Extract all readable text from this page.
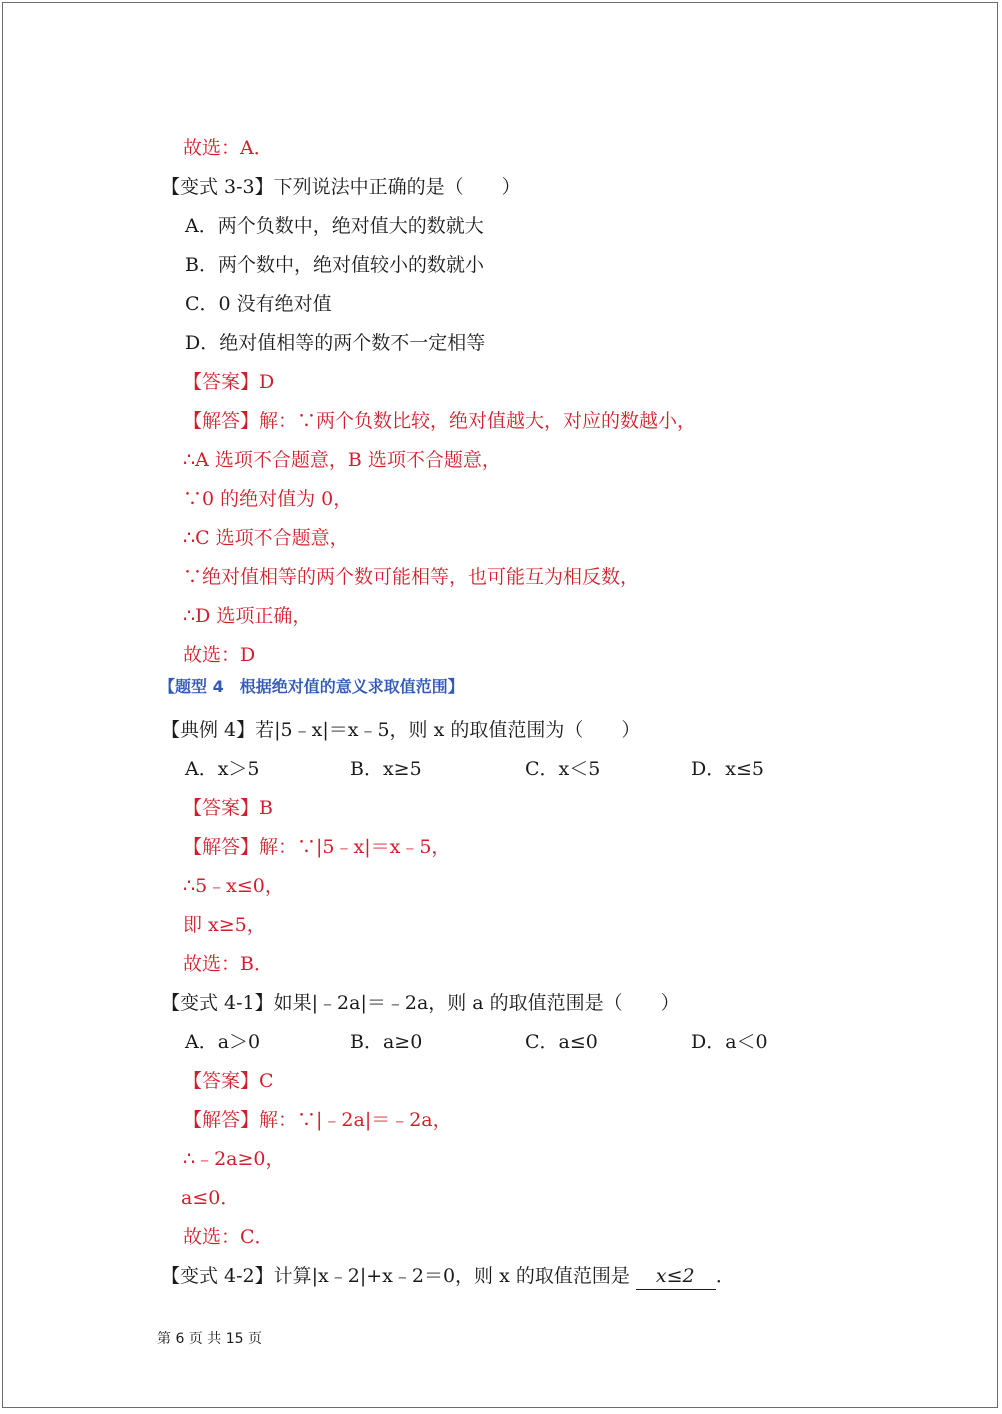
故选：A．
【变式 3-3】下列说法中正确的是（　　）
A．两个负数中，绝对值大的数就大
B．两个数中，绝对值较小的数就小
C．0 没有绝对值
D．绝对值相等的两个数不一定相等
【答案】D
【解答】解：∵两个负数比较，绝对值越大，对应的数越小，
∴A 选项不合题意，B 选项不合题意，
∵0 的绝对值为 0，
∴C 选项不合题意，
∵绝对值相等的两个数可能相等，也可能互为相反数，
∴D 选项正确，
故选：D
【题型 4　根据绝对值的意义求取值范围】
【典例 4】若|5﹣x|＝x﹣5，则 x 的取值范围为（　　）
A．x＞5	B．x≥5	C．x＜5	D．x≤5
【答案】B
【解答】解：∵|5﹣x|＝x﹣5，
∴5﹣x≤0，
即 x≥5，
故选：B．
【变式 4-1】如果|﹣2a|＝﹣2a，则 a 的取值范围是（　　）
A．a＞0	B．a≥0	C．a≤0	D．a＜0
【答案】C
【解答】解：∵|﹣2a|＝﹣2a，
∴﹣2a≥0，
a≤0．
故选：C．
【变式 4-2】计算|x﹣2|+x﹣2＝0，则 x 的取值范围是 x≤2 ．
第 6 页 共 15 页
